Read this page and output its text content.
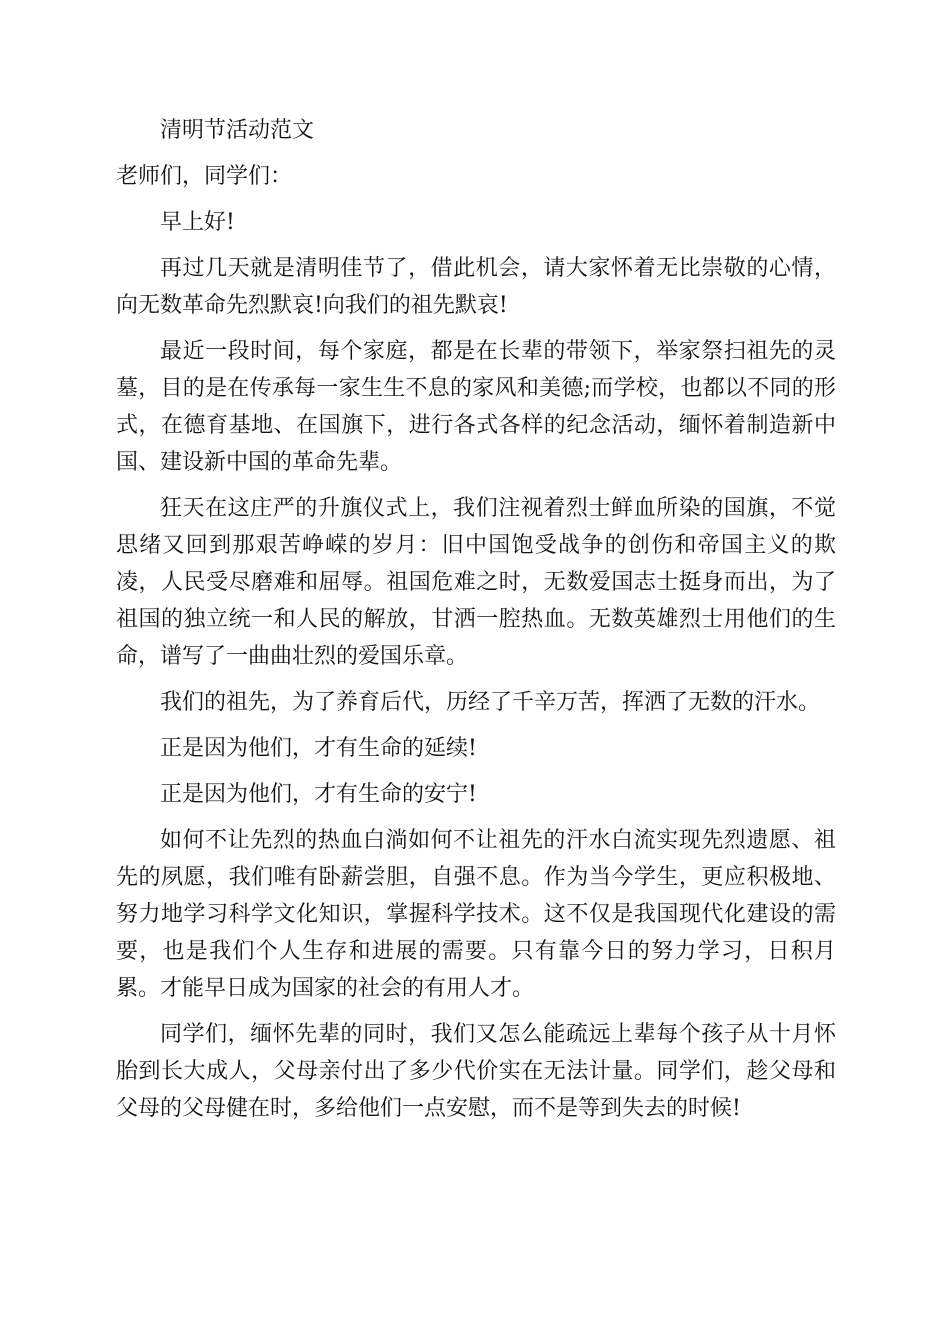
清明节活动范文

老师们，同学们：

早上好!

再过几天就是清明佳节了，借此机会，请大家怀着无比崇敬的心情，向无数革命先烈默哀!向我们的祖先默哀!

最近一段时间，每个家庭，都是在长辈的带领下，举家祭扫祖先的灵墓，目的是在传承每一家生生不息的家风和美德;而学校，也都以不同的形式，在德育基地、在国旗下，进行各式各样的纪念活动，缅怀着制造新中国、建设新中国的革命先辈。

狂天在这庄严的升旗仪式上，我们注视着烈士鲜血所染的国旗，不觉思绪又回到那艰苦峥嵘的岁月：旧中国饱受战争的创伤和帝国主义的欺凌，人民受尽磨难和屈辱。祖国危难之时，无数爱国志士挺身而出，为了祖国的独立统一和人民的解放，甘洒一腔热血。无数英雄烈士用他们的生命，谱写了一曲曲壮烈的爱国乐章。

我们的祖先，为了养育后代，历经了千辛万苦，挥洒了无数的汗水。

正是因为他们，才有生命的延续!

正是因为他们，才有生命的安宁!

如何不让先烈的热血白淌如何不让祖先的汗水白流实现先烈遗愿、祖先的夙愿，我们唯有卧薪尝胆，自强不息。作为当今学生，更应积极地、努力地学习科学文化知识，掌握科学技术。这不仅是我国现代化建设的需要，也是我们个人生存和进展的需要。只有靠今日的努力学习，日积月累。才能早日成为国家的社会的有用人才。

同学们，缅怀先辈的同时，我们又怎么能疏远上辈每个孩子从十月怀胎到长大成人，父母亲付出了多少代价实在无法计量。同学们，趁父母和父母的父母健在时，多给他们一点安慰，而不是等到失去的时候!
